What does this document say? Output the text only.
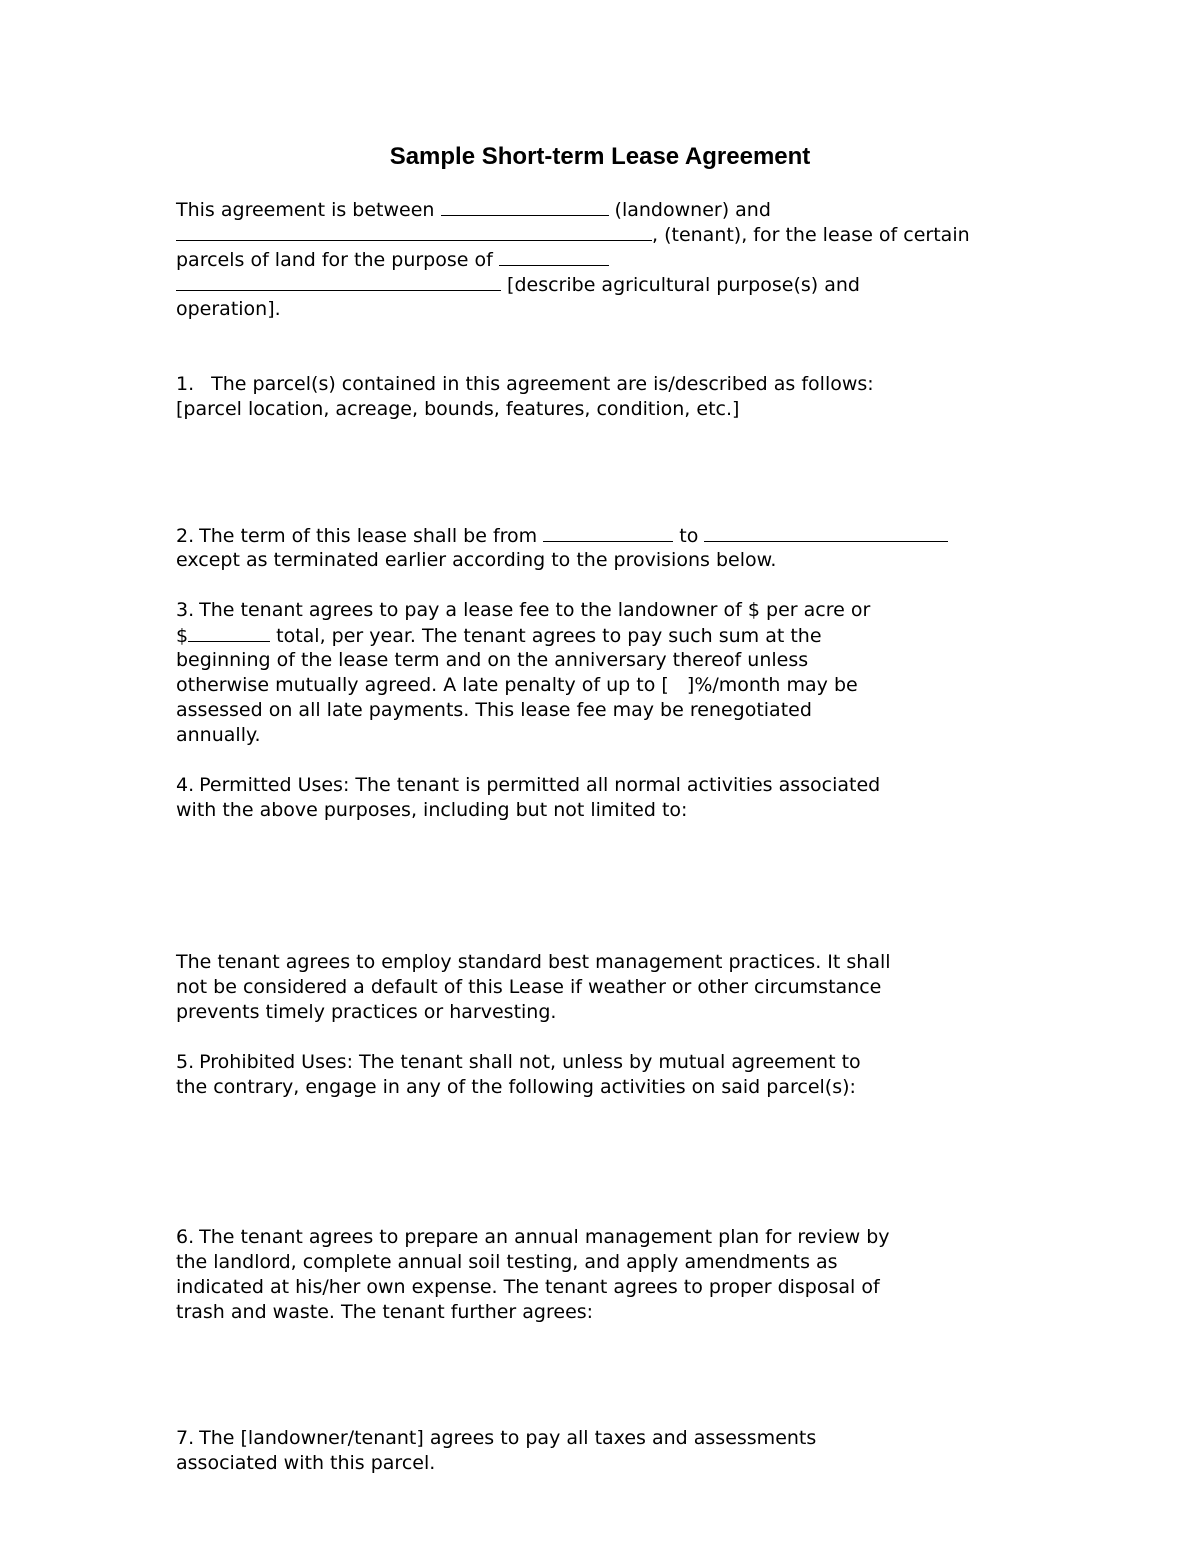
Sample Short-term Lease Agreement
This agreement is between	(landowner) and
, (tenant), for the lease of certain
parcels of land for the purpose of
[describe agricultural purpose(s) and
operation].
1. The parcel(s) contained in this agreement are is/described as follows:
[parcel location, acreage, bounds, features, condition, etc.]
2. The term of this lease shall be from	to
except as terminated earlier according to the provisions below.
3. The tenant agrees to pay a lease fee to the landowner of $ per acre or
$	total, per year. The tenant agrees to pay such sum at the
beginning of the lease term and on the anniversary thereof unless
otherwise mutually agreed. A late penalty of up to [   ]%/month may be
assessed on all late payments. This lease fee may be renegotiated
annually.
4. Permitted Uses: The tenant is permitted all normal activities associated
with the above purposes, including but not limited to:
The tenant agrees to employ standard best management practices. It shall
not be considered a default of this Lease if weather or other circumstance
prevents timely practices or harvesting.
5. Prohibited Uses: The tenant shall not, unless by mutual agreement to
the contrary, engage in any of the following activities on said parcel(s):
6. The tenant agrees to prepare an annual management plan for review by
the landlord, complete annual soil testing, and apply amendments as
indicated at his/her own expense. The tenant agrees to proper disposal of
trash and waste. The tenant further agrees:
7. The [landowner/tenant] agrees to pay all taxes and assessments
associated with this parcel.
